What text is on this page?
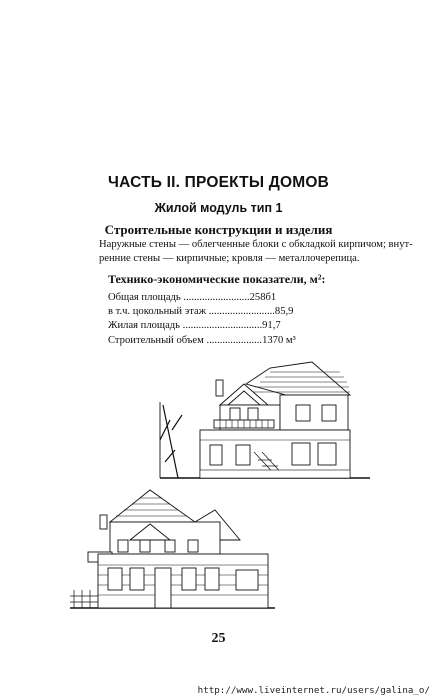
ЧАСТЬ II. ПРОЕКТЫ ДОМОВ
Жилой модуль тип 1
Строительные конструкции и изделия
Наружные стены — облегченные блоки с обкладкой кирпичом; внут-
ренние стены — кирпичные; кровля — металлочерепица.
Технико-экономические показатели, м²:
Общая площадь .........................258б1
в т.ч. цокольный этаж .........................85,9
Жилая площадь ..............................91,7
Строительный объем .....................1370 м³
25
http://www.liveinternet.ru/users/galina_o/
